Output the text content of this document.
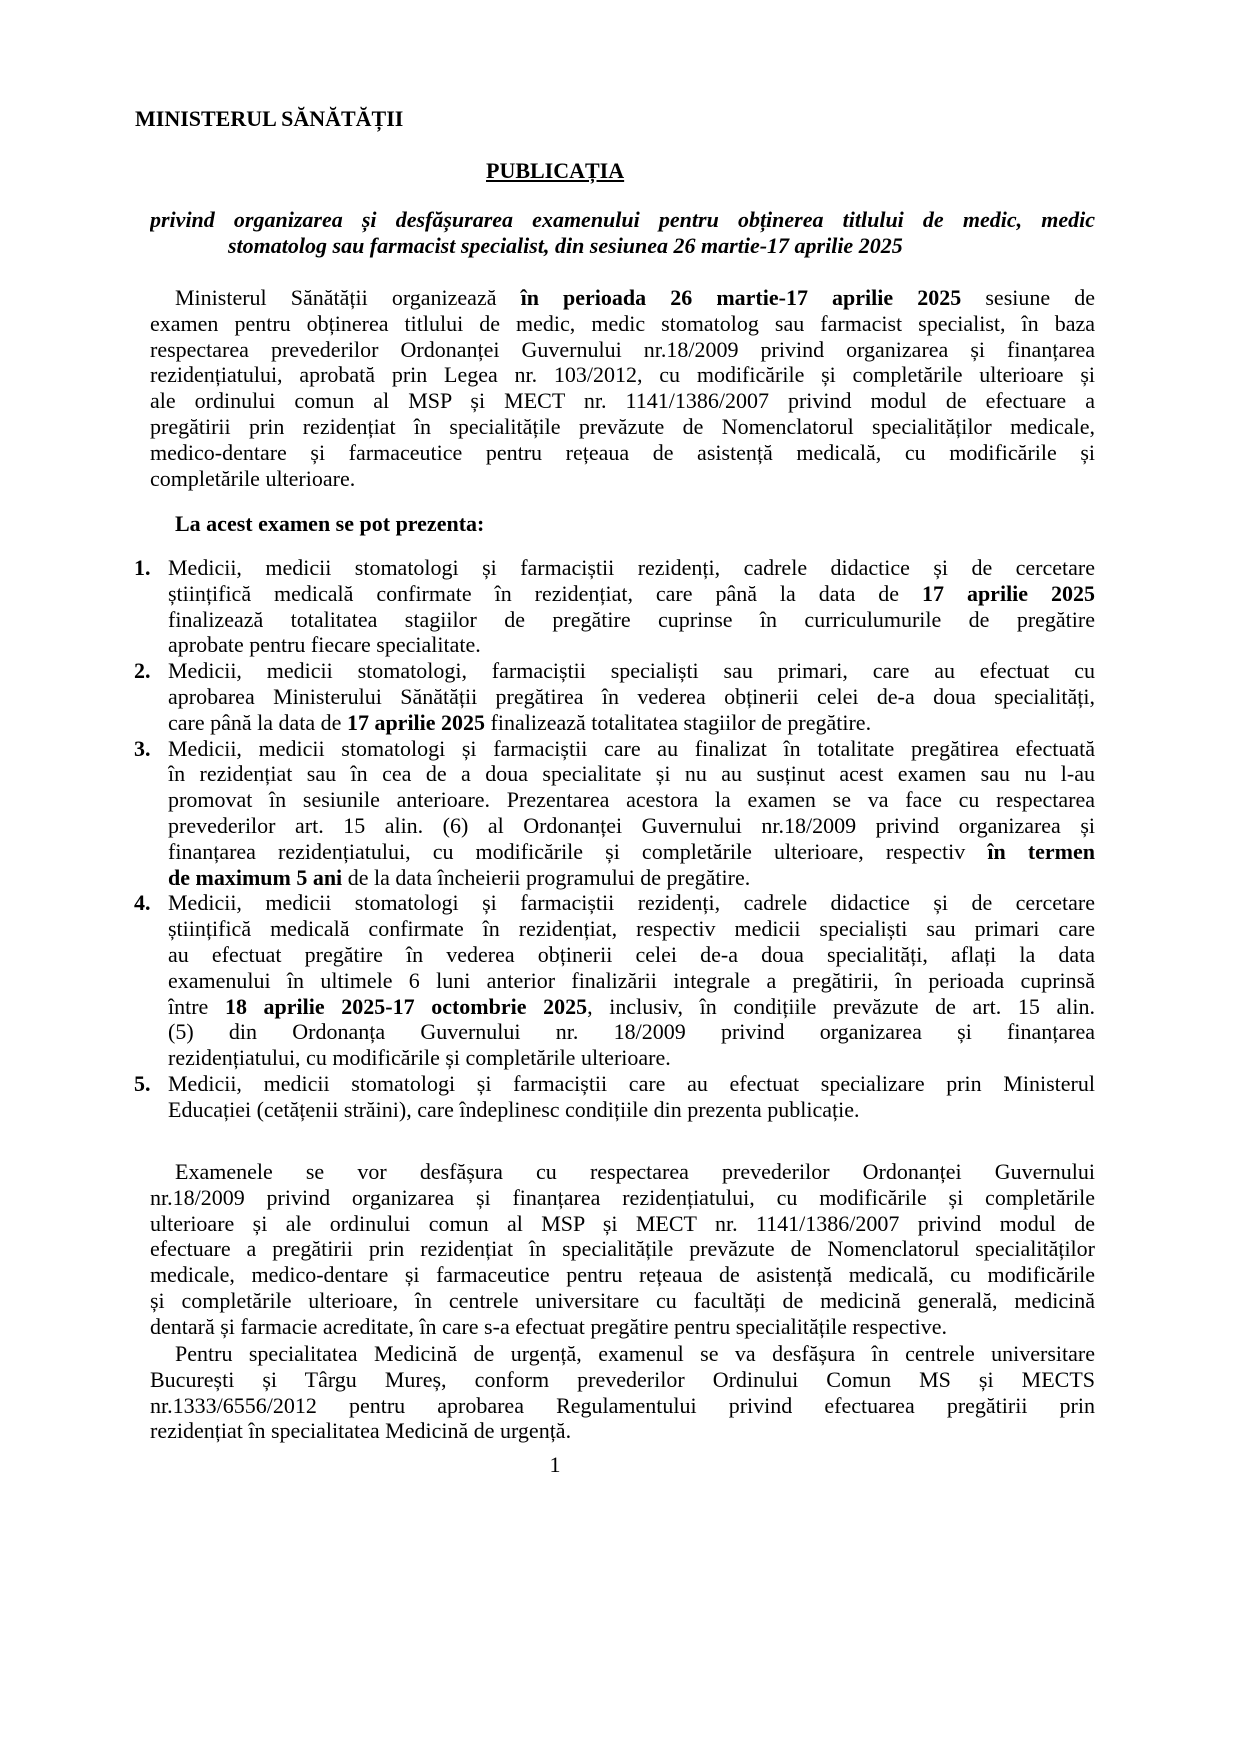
MINISTERUL SĂNĂTĂȚII
PUBLICAȚIA
privind organizarea și desfășurarea examenului pentru obținerea titlului de medic, medic
stomatolog sau farmacist specialist, din sesiunea 26 martie-17 aprilie 2025
Ministerul Sănătății organizează în perioada 26 martie-17 aprilie 2025 sesiune de
examen pentru obținerea titlului de medic, medic stomatolog sau farmacist specialist, în baza
respectarea prevederilor Ordonanței Guvernului nr.18/2009 privind organizarea și finanțarea
rezidențiatului, aprobată prin Legea nr. 103/2012, cu modificările și completările ulterioare și
ale ordinului comun al MSP și MECT nr. 1141/1386/2007 privind modul de efectuare a
pregătirii prin rezidențiat în specialitățile prevăzute de Nomenclatorul specialităților medicale,
medico-dentare și farmaceutice pentru rețeaua de asistență medicală, cu modificările și
completările ulterioare.
La acest examen se pot prezenta:
1. Medicii, medicii stomatologi și farmaciștii rezidenți, cadrele didactice și de cercetare
științifică medicală confirmate în rezidențiat, care până la data de 17 aprilie 2025
finalizează totalitatea stagiilor de pregătire cuprinse în curriculumurile de pregătire
aprobate pentru fiecare specialitate.
2. Medicii, medicii stomatologi, farmaciștii specialiști sau primari, care au efectuat cu
aprobarea Ministerului Sănătății pregătirea în vederea obținerii celei de-a doua specialități,
care până la data de 17 aprilie 2025 finalizează totalitatea stagiilor de pregătire.
3. Medicii, medicii stomatologi și farmaciștii care au finalizat în totalitate pregătirea efectuată
în rezidențiat sau în cea de a doua specialitate și nu au susținut acest examen sau nu l-au
promovat în sesiunile anterioare. Prezentarea acestora la examen se va face cu respectarea
prevederilor art. 15 alin. (6) al Ordonanței Guvernului nr.18/2009 privind organizarea și
finanțarea rezidențiatului, cu modificările și completările ulterioare, respectiv în termen
de maximum 5 ani de la data încheierii programului de pregătire.
4. Medicii, medicii stomatologi și farmaciștii rezidenți, cadrele didactice și de cercetare
științifică medicală confirmate în rezidențiat, respectiv medicii specialiști sau primari care
au efectuat pregătire în vederea obținerii celei de-a doua specialități, aflați la data
examenului în ultimele 6 luni anterior finalizării integrale a pregătirii, în perioada cuprinsă
între 18 aprilie 2025-17 octombrie 2025, inclusiv, în condițiile prevăzute de art. 15 alin.
(5) din Ordonanța Guvernului nr. 18/2009 privind organizarea și finanțarea
rezidențiatului, cu modificările și completările ulterioare.
5. Medicii, medicii stomatologi și farmaciștii care au efectuat specializare prin Ministerul
Educației (cetățenii străini), care îndeplinesc condițiile din prezenta publicație.
Examenele se vor desfășura cu respectarea prevederilor Ordonanței Guvernului
nr.18/2009 privind organizarea și finanțarea rezidențiatului, cu modificările și completările
ulterioare și ale ordinului comun al MSP și MECT nr. 1141/1386/2007 privind modul de
efectuare a pregătirii prin rezidențiat în specialitățile prevăzute de Nomenclatorul specialităților
medicale, medico-dentare și farmaceutice pentru rețeaua de asistență medicală, cu modificările
și completările ulterioare, în centrele universitare cu facultăți de medicină generală, medicină
dentară și farmacie acreditate, în care s-a efectuat pregătire pentru specialitățile respective.
Pentru specialitatea Medicină de urgență, examenul se va desfășura în centrele universitare
București și Târgu Mureș, conform prevederilor Ordinului Comun MS și MECTS
nr.1333/6556/2012 pentru aprobarea Regulamentului privind efectuarea pregătirii prin
rezidențiat în specialitatea Medicină de urgență.
1
